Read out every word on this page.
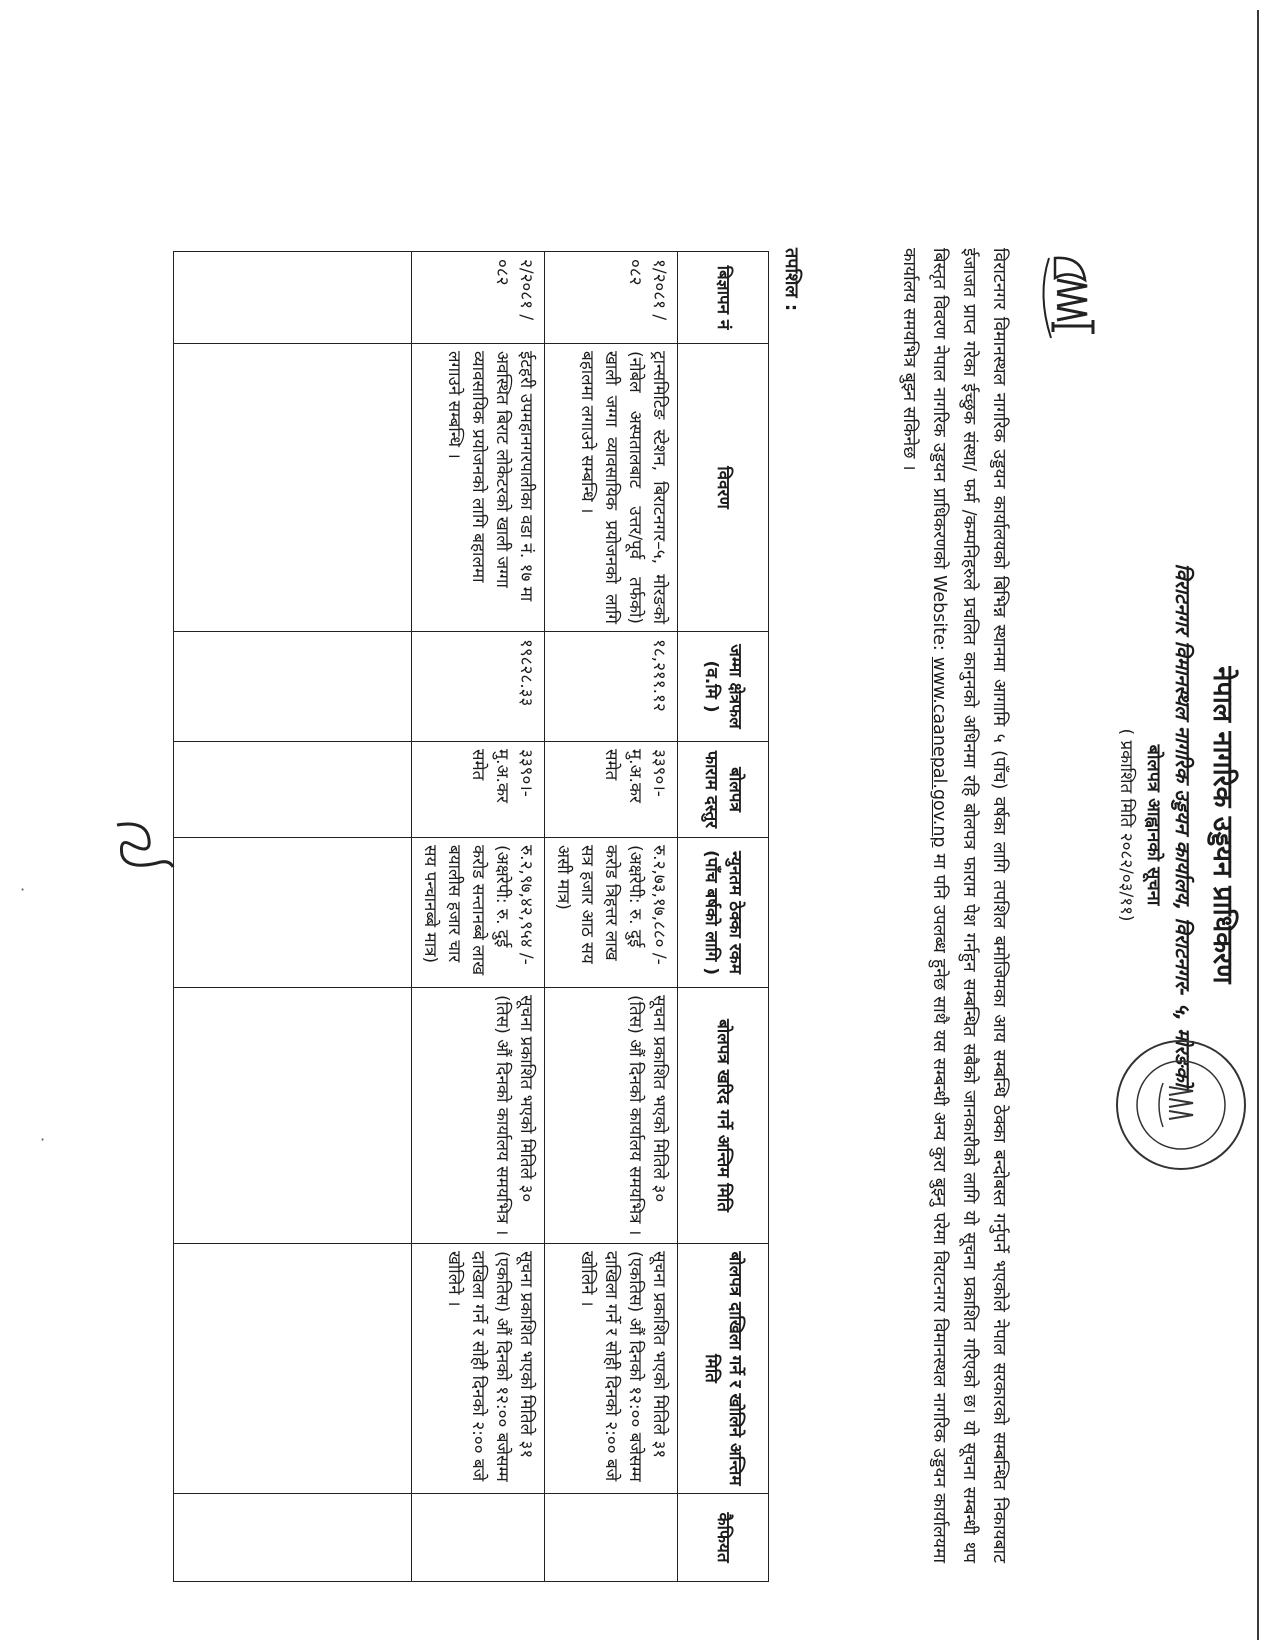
·
·
नेपाल नागरिक उड्डयन प्राधिकरण
विराटनगर विमानस्थल नागरिक उड्डयन कार्यालय, विराटनगर- ५, मोरङको
बोलपत्र आह्वानको सूचना
( प्रकाशित मिति २०८२/०३/११)
विराटनगर विमानस्थल नागरिक उड्डयन कार्यालयको बिभिन्न स्थानमा आगामि ५ (पाँच) वर्षका लागि तपशिल बमोजिमका आय सम्बन्धि ठेक्का बन्दोबस्त गर्नुपर्ने भएकोले नेपाल सरकारको सम्बन्धित निकायबाट ईजाजत प्राप्त गरेका ईच्छुक संस्था/ फर्म /कम्पनिहरुले प्रचलित कानुनको अधिनमा रहि बोलपत्र फाराम पेश गर्नहुन सम्बन्धित सबैको जानकारीको लागि यो सूचना प्रकाशित गरिएको छ। यो सूचना सम्बन्धी थप बिस्तृत विवरण नेपाल नागरिक उड्डयन प्राधिकरणको Website: www.caanepal.gov.np मा पनि उपलब्ध हुनेछ साथै यस सम्बन्धी अन्य कुरा बुझ्नु परेमा विराटनगर विमानस्थल नागरिक उड्डयन कार्यालयमा कार्यालय समयभित्र बुझ्न सकिनेछ ।
तपशिल :
बिज्ञापन नं	विवरण	जम्मा क्षेत्रफल (व.मि )	बोलपत्र फाराम दस्तुर	न्युनतम ठेक्का रकम (पाँच बर्षको लागि )	बोलपत्र खरिद गर्ने अन्तिम मिति	बोलपत्र दाखिला गर्ने र खोलिने अन्तिम मिति	कैफियत
१/२०८१ /०८२	ट्रान्समिटिङ स्टेशन, बिराटनगर–५, मोरङको (नोबेल अस्पतालबाट उत्तर/पूर्व तर्फको) खाली जग्गा व्यावसायिक प्रयोजनको लागि बहालमा लगाउने सम्बन्धि ।	१८,२११.१२	३३९०।- मु.अ.कर समेत	रु.२,७३,१७,८८० /- (अक्षरेपी: रु. दुई करोड त्रिहत्तर लाख सत्र हजार आठ सय असी मात्र)	सूचना प्रकाशित भएको मितिले ३० (तिस) औं दिनको कार्यालय समयभित्र ।	सूचना प्रकाशित भएको मितिले ३१ (एकतिस) औं दिनको १२:०० बजेसम्म दाखिला गर्ने र सोही दिनको २:०० बजे खोलिने ।	
२/२०८१ /०८२	ईटहरी उपमहानगरपालीका वडा नं. १७ मा अवस्थित बिराट लोकेटरको खाली जग्गा व्यावसायिक प्रयोजनको लागि बहालमा लगाउने सम्बन्धि ।	१९८२८.३३	३३९०।- मु.अ.कर समेत	रु.२,९७,४२,९५४ /- (अक्षरेपी: रु. दुई करोड सन्तानब्बे लाख बयालीस हजार चार सय पन्चानब्बे मात्र)	सूचना प्रकाशित भएको मितिले ३० (तिस) औं दिनको कार्यालय समयभित्र ।	सूचना प्रकाशित भएको मितिले ३१ (एकतिस) औं दिनको १२:०० बजेसम्म दाखिला गर्ने र सोही दिनको २:०० बजे खोलिने ।	
